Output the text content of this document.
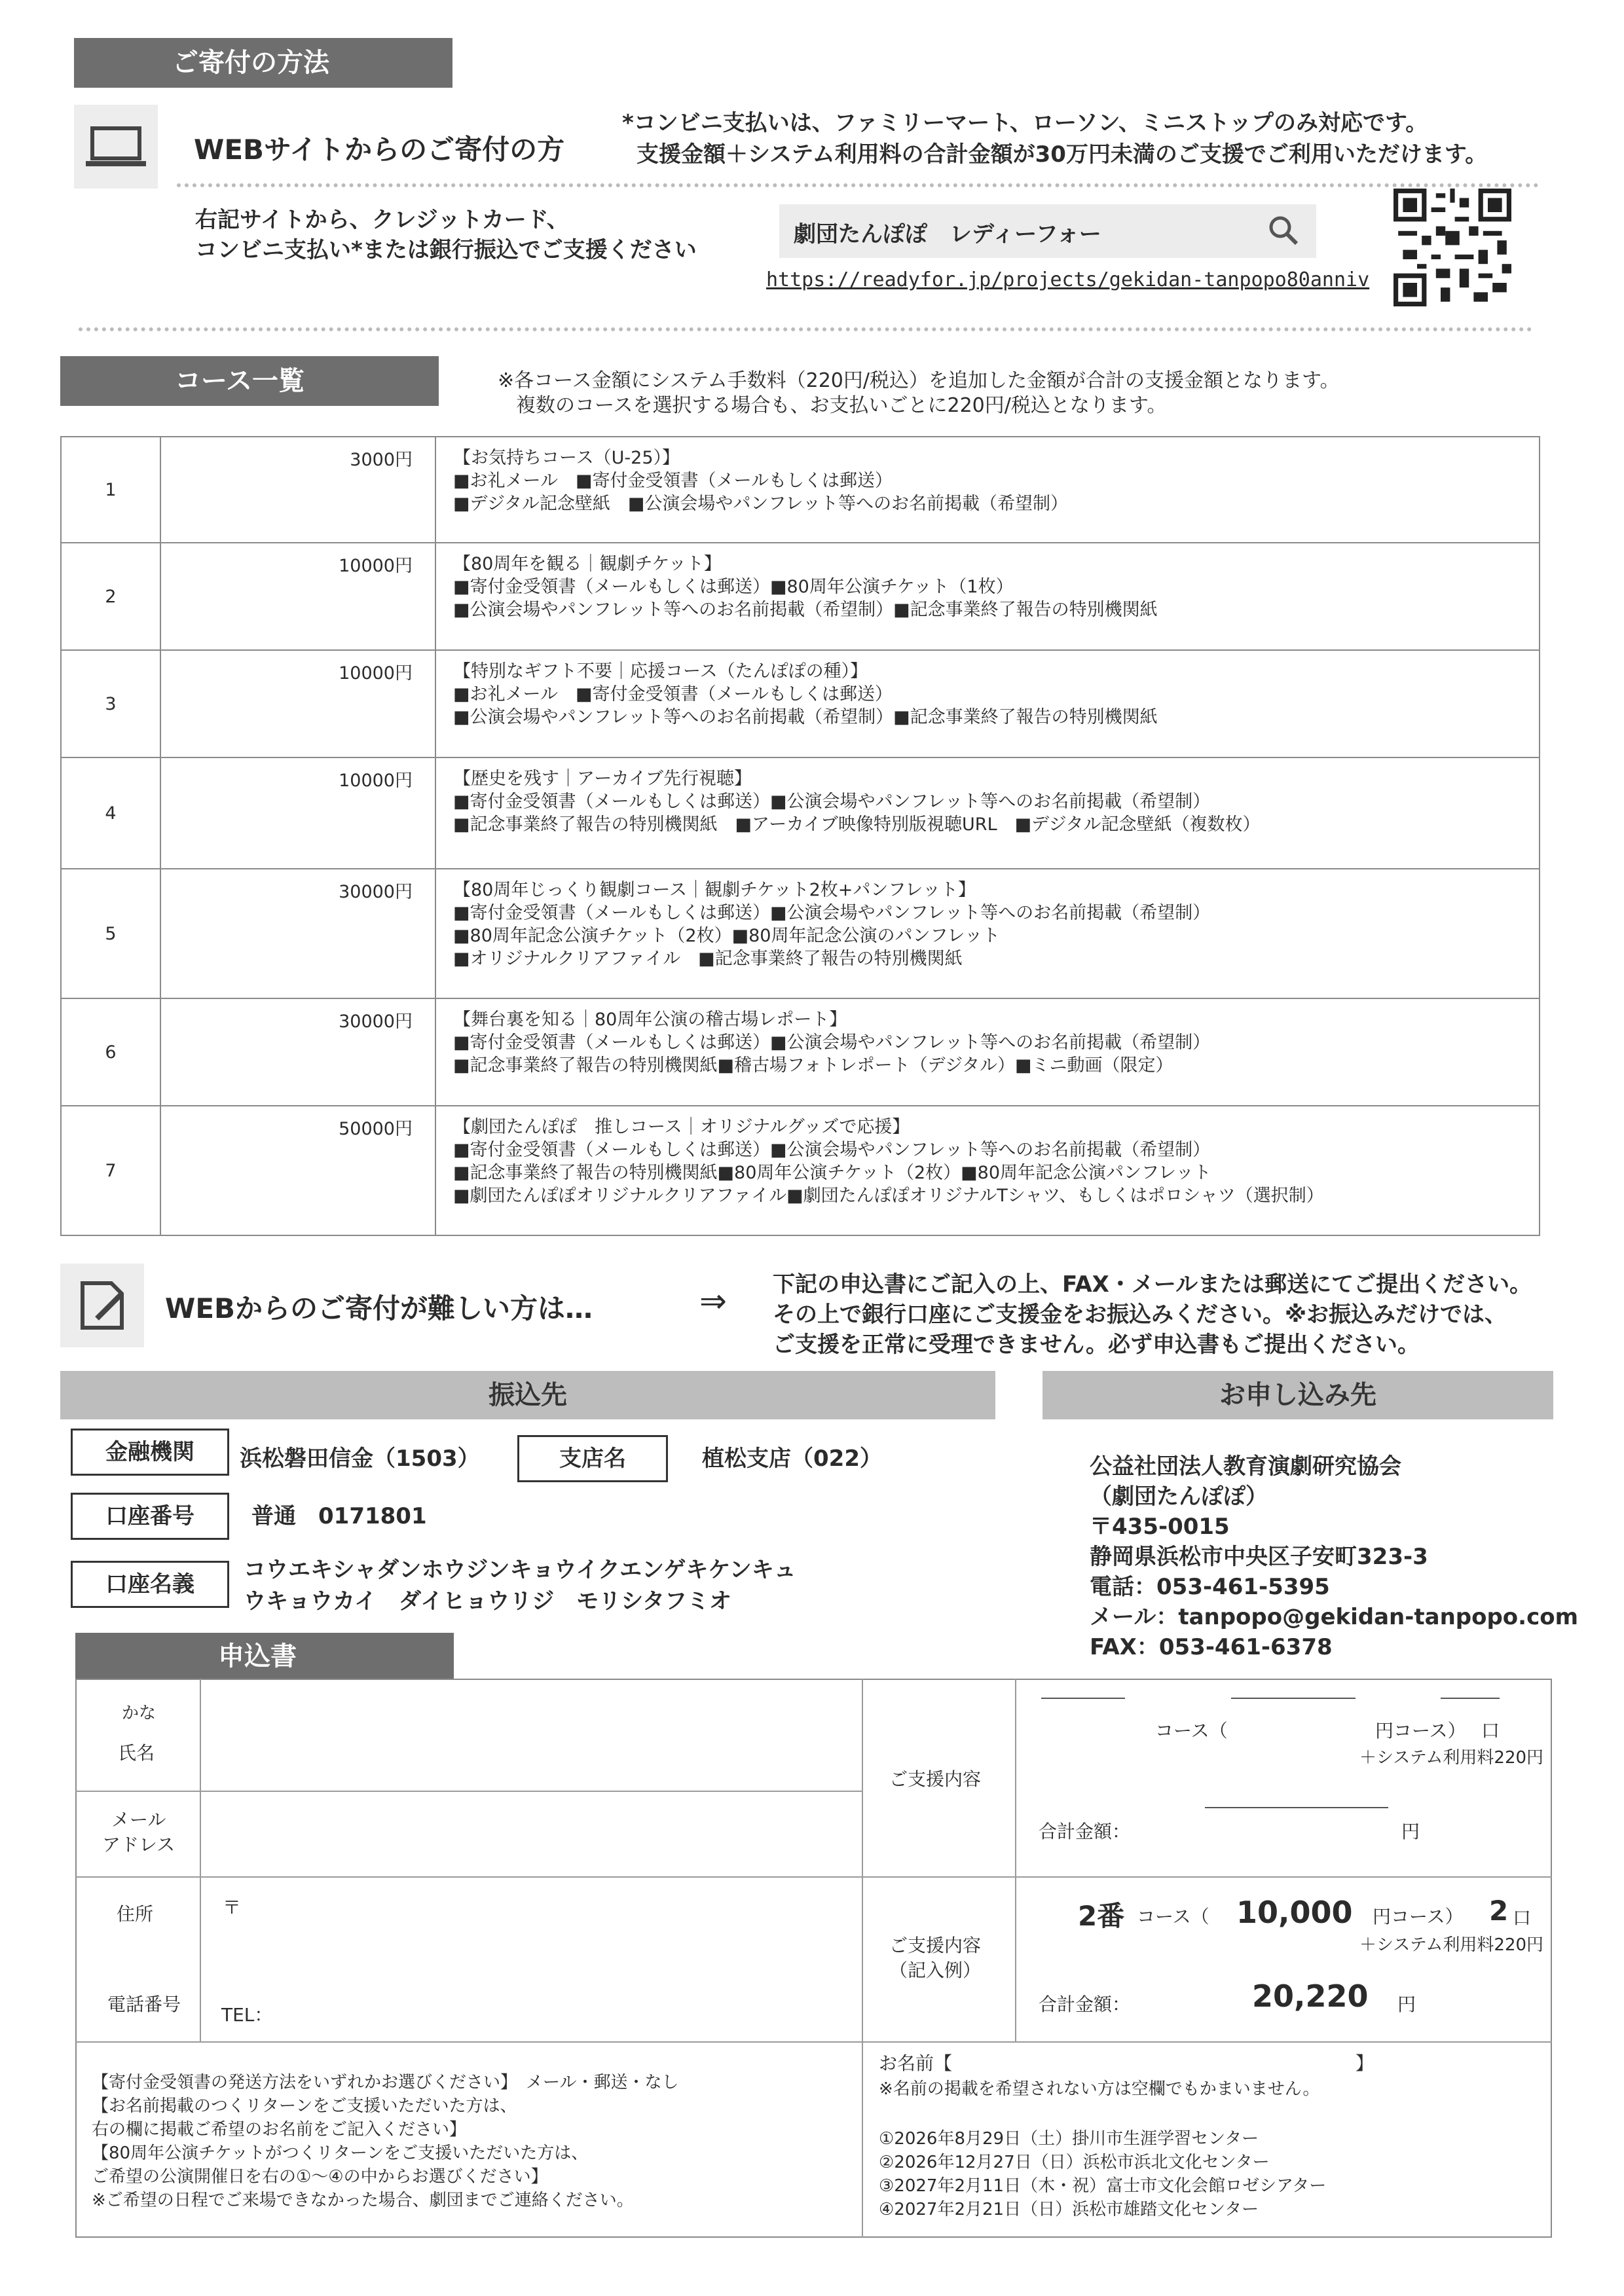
ご寄付の方法
WEBサイトからのご寄付の方
*コンビニ支払いは、ファミリーマート、ローソン、ミニストップのみ対応です。
支援金額＋システム利用料の合計金額が30万円未満のご支援でご利用いただけます。
右記サイトから、クレジットカード、
コンビニ支払い*または銀行振込でご支援ください
劇団たんぽぽ　レディーフォー
https://readyfor.jp/projects/gekidan-tanpopo80anniv
コース一覧	※各コース金額にシステム手数料（220円/税込）を追加した金額が合計の支援金額となります。
複数のコースを選択する場合も、お支払いごとに220円/税込となります。
1	3000円	【お気持ちコース（U-25）】
■お礼メール　■寄付金受領書（メールもしくは郵送）
■デジタル記念壁紙　■公演会場やパンフレット等へのお名前掲載（希望制）

2	10000円	【80周年を観る｜観劇チケット】
■寄付金受領書（メールもしくは郵送）■80周年公演チケット（1枚）
■公演会場やパンフレット等へのお名前掲載（希望制）■記念事業終了報告の特別機関紙

3	10000円	【特別なギフト不要｜応援コース（たんぽぽの種）】
■お礼メール　■寄付金受領書（メールもしくは郵送）
■公演会場やパンフレット等へのお名前掲載（希望制）■記念事業終了報告の特別機関紙

4	10000円	【歴史を残す｜アーカイブ先行視聴】
■寄付金受領書（メールもしくは郵送）■公演会場やパンフレット等へのお名前掲載（希望制）
■記念事業終了報告の特別機関紙　■アーカイブ映像特別版視聴URL　■デジタル記念壁紙（複数枚）

5	30000円	【80周年じっくり観劇コース｜観劇チケット2枚+パンフレット】
■寄付金受領書（メールもしくは郵送）■公演会場やパンフレット等へのお名前掲載（希望制）
■80周年記念公演チケット（2枚）■80周年記念公演のパンフレット
■オリジナルクリアファイル　■記念事業終了報告の特別機関紙

6	30000円	【舞台裏を知る｜80周年公演の稽古場レポート】
■寄付金受領書（メールもしくは郵送）■公演会場やパンフレット等へのお名前掲載（希望制）
■記念事業終了報告の特別機関紙■稽古場フォトレポート（デジタル）■ミニ動画（限定）

7	50000円	【劇団たんぽぽ　推しコース｜オリジナルグッズで応援】
■寄付金受領書（メールもしくは郵送）■公演会場やパンフレット等へのお名前掲載（希望制）
■記念事業終了報告の特別機関紙■80周年公演チケット（2枚）■80周年記念公演パンフレット
■劇団たんぽぽオリジナルクリアファイル■劇団たんぽぽオリジナルTシャツ、もしくはポロシャツ（選択制）
WEBからのご寄付が難しい方は…	⇒ 下記の申込書にご記入の上、FAX・メールまたは郵送にてご提出ください。
その上で銀行口座にご支援金をお振込みください。※お振込みだけでは、
ご支援を正常に受理できません。必ず申込書もご提出ください。
振込先	お申し込み先
金融機関	浜松磐田信金（1503）	支店名	植松支店（022）
口座番号	普通　0171801
口座名義
コウエキシャダンホウジンキョウイクエンゲキケンキュ
ウキョウカイ　ダイヒョウリジ　モリシタフミオ
公益社団法人教育演劇研究協会
（劇団たんぽぽ）
〒435-0015
静岡県浜松市中央区子安町323-3
電話：053-461-5395
メール：tanpopo@gekidan-tanpopo.com
FAX：053-461-6378
申込書
かな
氏名
メール
アドレス
住所	〒
電話番号 TEL：
ご支援内容
コース（	円コース） 口
＋システム利用料220円
合計金額：	円
ご支援内容
（記入例）
2番 コース（ 10,000 円コース） 2 口
＋システム利用料220円
合計金額：	20,220 円
【寄付金受領書の発送方法をいずれかお選びください】　メール・郵送・なし
【お名前掲載のつくリターンをご支援いただいた方は、
右の欄に掲載ご希望のお名前をご記入ください】
【80周年公演チケットがつくリターンをご支援いただいた方は、
ご希望の公演開催日を右の①～④の中からお選びください】
※ご希望の日程でご来場できなかった場合、劇団までご連絡ください。
お名前【	】
※名前の掲載を希望されない方は空欄でもかまいません。
①2026年8月29日（土）掛川市生涯学習センター
②2026年12月27日（日）浜松市浜北文化センター
③2027年2月11日（木・祝）富士市文化会館ロゼシアター
④2027年2月21日（日）浜松市雄踏文化センター
